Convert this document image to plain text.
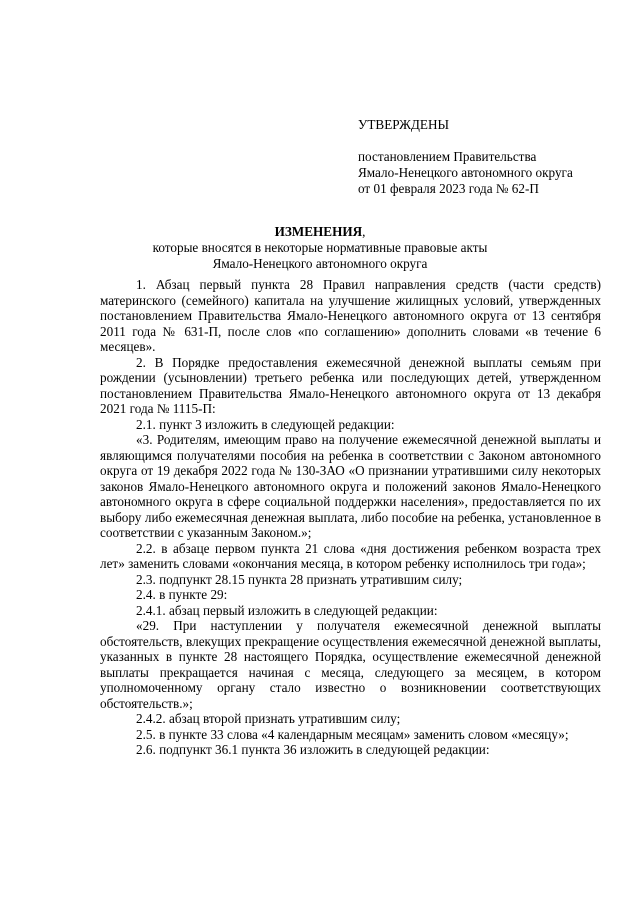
УТВЕРЖДЕНЫ
постановлением Правительства
Ямало-Ненецкого автономного округа
от 01 февраля 2023 года № 62-П
ИЗМЕНЕНИЯ,
которые вносятся в некоторые нормативные правовые акты
Ямало-Ненецкого автономного округа

1. Абзац первый пункта 28 Правил направления средств (части средств) материнского (семейного) капитала на улучшение жилищных условий, утвержденных постановлением Правительства Ямало-Ненецкого автономного округа от 13 сентября 2011 года № 631-П, после слов «по соглашению» дополнить словами «в течение 6 месяцев».

2. В Порядке предоставления ежемесячной денежной выплаты семьям при рождении (усыновлении) третьего ребенка или последующих детей, утвержденном постановлением Правительства Ямало-Ненецкого автономного округа от 13 декабря 2021 года № 1115-П:

2.1. пункт 3 изложить в следующей редакции:

«3. Родителям, имеющим право на получение ежемесячной денежной выплаты и являющимся получателями пособия на ребенка в соответствии с Законом автономного округа от 19 декабря 2022 года № 130-ЗАО «О признании утратившими силу некоторых законов Ямало-Ненецкого автономного округа и положений законов Ямало-Ненецкого автономного округа в сфере социальной поддержки населения», предоставляется по их выбору либо ежемесячная денежная выплата, либо пособие на ребенка, установленное в соответствии с указанным Законом.»;

2.2. в абзаце первом пункта 21 слова «дня достижения ребенком возраста трех лет» заменить словами «окончания месяца, в котором ребенку исполнилось три года»;

2.3. подпункт 28.15 пункта 28 признать утратившим силу;

2.4. в пункте 29:

2.4.1. абзац первый изложить в следующей редакции:

«29. При наступлении у получателя ежемесячной денежной выплаты обстоятельств, влекущих прекращение осуществления ежемесячной денежной выплаты, указанных в пункте 28 настоящего Порядка, осуществление ежемесячной денежной выплаты прекращается начиная с месяца, следующего за месяцем, в котором уполномоченному органу стало известно о возникновении соответствующих обстоятельств.»;

2.4.2. абзац второй признать утратившим силу;

2.5. в пункте 33 слова «4 календарным месяцам» заменить словом «месяцу»;

2.6. подпункт 36.1 пункта 36 изложить в следующей редакции:
